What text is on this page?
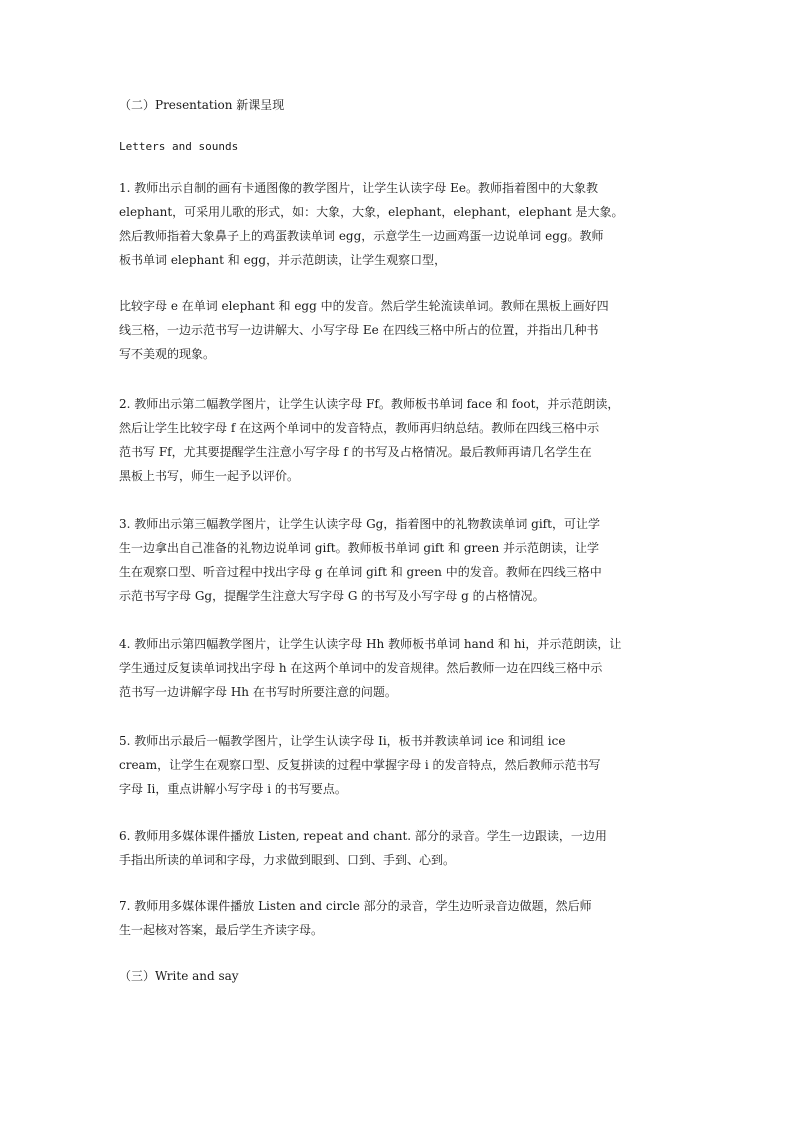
（二）Presentation 新课呈现
Letters and sounds
1. 教师出示自制的画有卡通图像的教学图片，让学生认读字母 Ee。教师指着图中的大象教
elephant，可采用儿歌的形式，如：大象，大象，elephant，elephant，elephant 是大象。
然后教师指着大象鼻子上的鸡蛋教读单词 egg，示意学生一边画鸡蛋一边说单词 egg。教师
板书单词 elephant 和 egg，并示范朗读，让学生观察口型，
比较字母 e 在单词 elephant 和 egg 中的发音。然后学生轮流读单词。教师在黑板上画好四
线三格，一边示范书写一边讲解大、小写字母 Ee 在四线三格中所占的位置，并指出几种书
写不美观的现象。
2. 教师出示第二幅教学图片，让学生认读字母 Ff。教师板书单词 face 和 foot，并示范朗读，
然后让学生比较字母 f 在这两个单词中的发音特点，教师再归纳总结。教师在四线三格中示
范书写 Ff，尤其要提醒学生注意小写字母 f 的书写及占格情况。最后教师再请几名学生在
黑板上书写，师生一起予以评价。
3. 教师出示第三幅教学图片，让学生认读字母 Gg，指着图中的礼物教读单词 gift，可让学
生一边拿出自己准备的礼物边说单词 gift。教师板书单词 gift 和 green 并示范朗读，让学
生在观察口型、听音过程中找出字母 g 在单词 gift 和 green 中的发音。教师在四线三格中
示范书写字母 Gg，提醒学生注意大写字母 G 的书写及小写字母 g 的占格情况。
4. 教师出示第四幅教学图片，让学生认读字母 Hh 教师板书单词 hand 和 hi，并示范朗读，让
学生通过反复读单词找出字母 h 在这两个单词中的发音规律。然后教师一边在四线三格中示
范书写一边讲解字母 Hh 在书写时所要注意的问题。
5. 教师出示最后一幅教学图片，让学生认读字母 Ii，板书并教读单词 ice 和词组 ice
cream，让学生在观察口型、反复拼读的过程中掌握字母 i 的发音特点，然后教师示范书写
字母 Ii，重点讲解小写字母 i 的书写要点。
6. 教师用多媒体课件播放 Listen, repeat and chant. 部分的录音。学生一边跟读，一边用
手指出所读的单词和字母，力求做到眼到、口到、手到、心到。
7. 教师用多媒体课件播放 Listen and circle 部分的录音，学生边听录音边做题，然后师
生一起核对答案，最后学生齐读字母。
（三）Write and say
